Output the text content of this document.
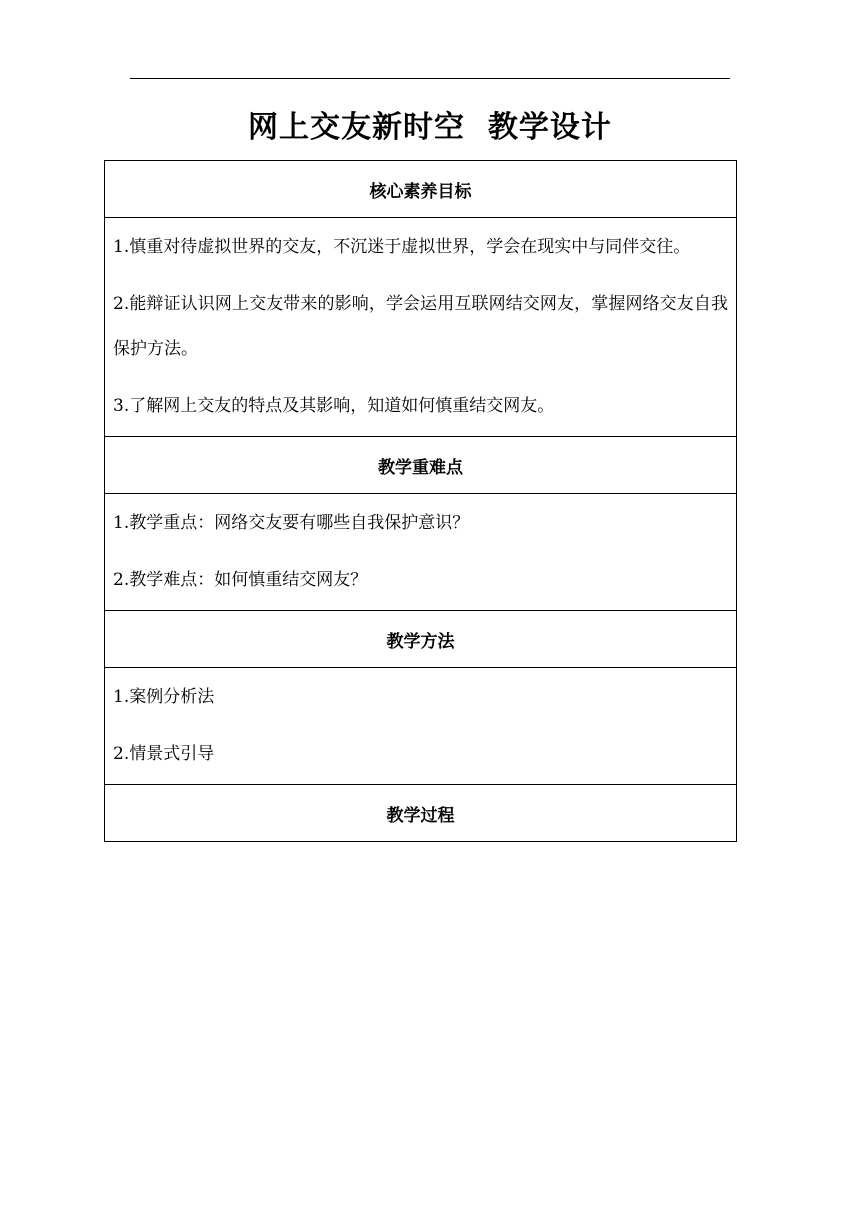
网上交友新时空  教学设计
核心素养目标

1.慎重对待虚拟世界的交友，不沉迷于虚拟世界，学会在现实中与同伴交往。

2.能辩证认识网上交友带来的影响，学会运用互联网结交网友，掌握网络交友自我保护方法。

3.了解网上交友的特点及其影响，知道如何慎重结交网友。

教学重难点

1.教学重点：网络交友要有哪些自我保护意识？

2.教学难点：如何慎重结交网友？

教学方法

1.案例分析法

2.情景式引导

教学过程
